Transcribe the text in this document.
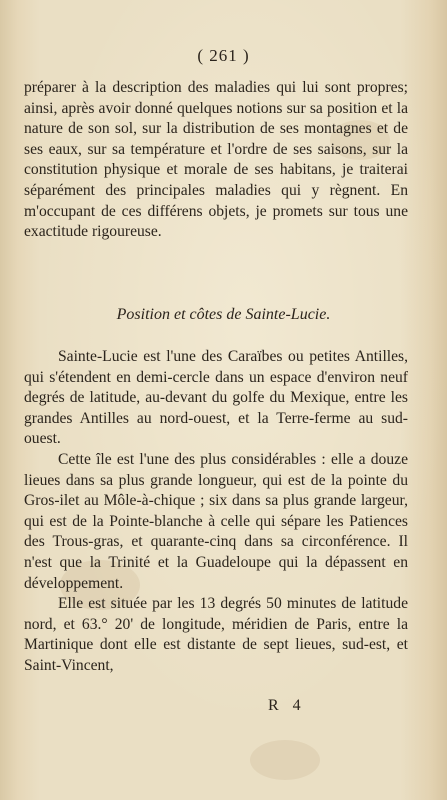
( 261 )

préparer à la description des maladies qui lui sont propres; ainsi, après avoir donné quelques notions sur sa position et la nature de son sol, sur la distribution de ses montagnes et de ses eaux, sur sa température et l'ordre de ses saisons, sur la constitution physique et morale de ses habitans, je traiterai séparément des principales maladies qui y règnent. En m'occupant de ces différens objets, je promets sur tous une exactitude rigoureuse.

Position et côtes de Sainte-Lucie.

Sainte-Lucie est l'une des Caraïbes ou petites Antilles, qui s'étendent en demi-cercle dans un espace d'environ neuf degrés de latitude, au-devant du golfe du Mexique, entre les grandes Antilles au nord-ouest, et la Terre-ferme au sud-ouest.

Cette île est l'une des plus considérables : elle a douze lieues dans sa plus grande longueur, qui est de la pointe du Gros-ilet au Môle-à-chique ; six dans sa plus grande largeur, qui est de la Pointe-blanche à celle qui sépare les Patiences des Trous-gras, et quarante-cinq dans sa circonférence. Il n'est que la Trinité et la Guadeloupe qui la dépassent en développement.

Elle est située par les 13 degrés 50 minutes de latitude nord, et 63.° 20' de longitude, méridien de Paris, entre la Martinique dont elle est distante de sept lieues, sud-est, et Saint-Vincent,

R 4
